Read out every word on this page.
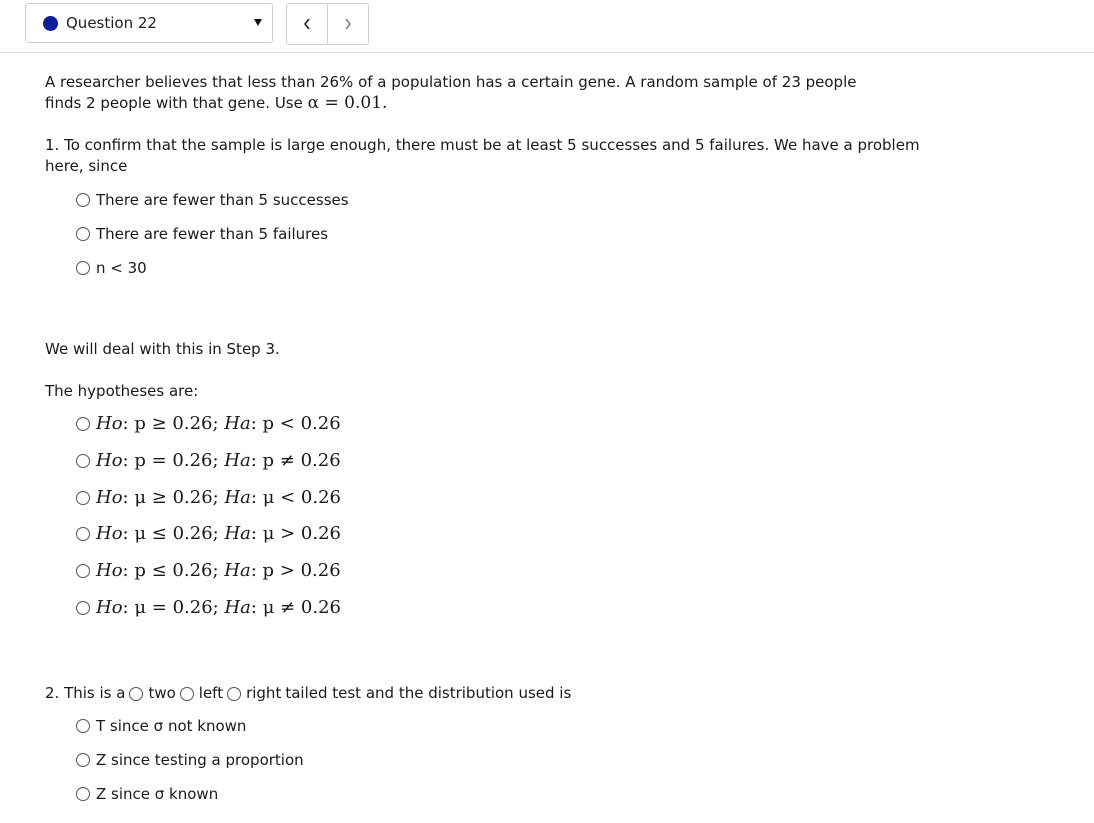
Question 22

A researcher believes that less than 26% of a population has a certain gene. A random sample of 23 people

finds 2 people with that gene. Use α = 0.01.

1. To confirm that the sample is large enough, there must be at least 5 successes and 5 failures. We have a problem here, since

There are fewer than 5 successes
There are fewer than 5 failures
n < 30
We will deal with this in Step 3.
The hypotheses are:
Ho : p ≥ 0.26;
Ha : p < 0.26
Ho : p = 0.26;
Ha : p ≠ 0.26
Ho : μ ≥ 0.26;
Ha : μ < 0.26
Ho : μ ≤ 0.26;
Ha : μ > 0.26
Ho : p ≤ 0.26;
Ha : p > 0.26
Ho : μ = 0.26;
Ha : μ ≠ 0.26
2. This is a two left right tailed test and the distribution used is
T since σ not known
Z since testing a proportion
Z since σ known
